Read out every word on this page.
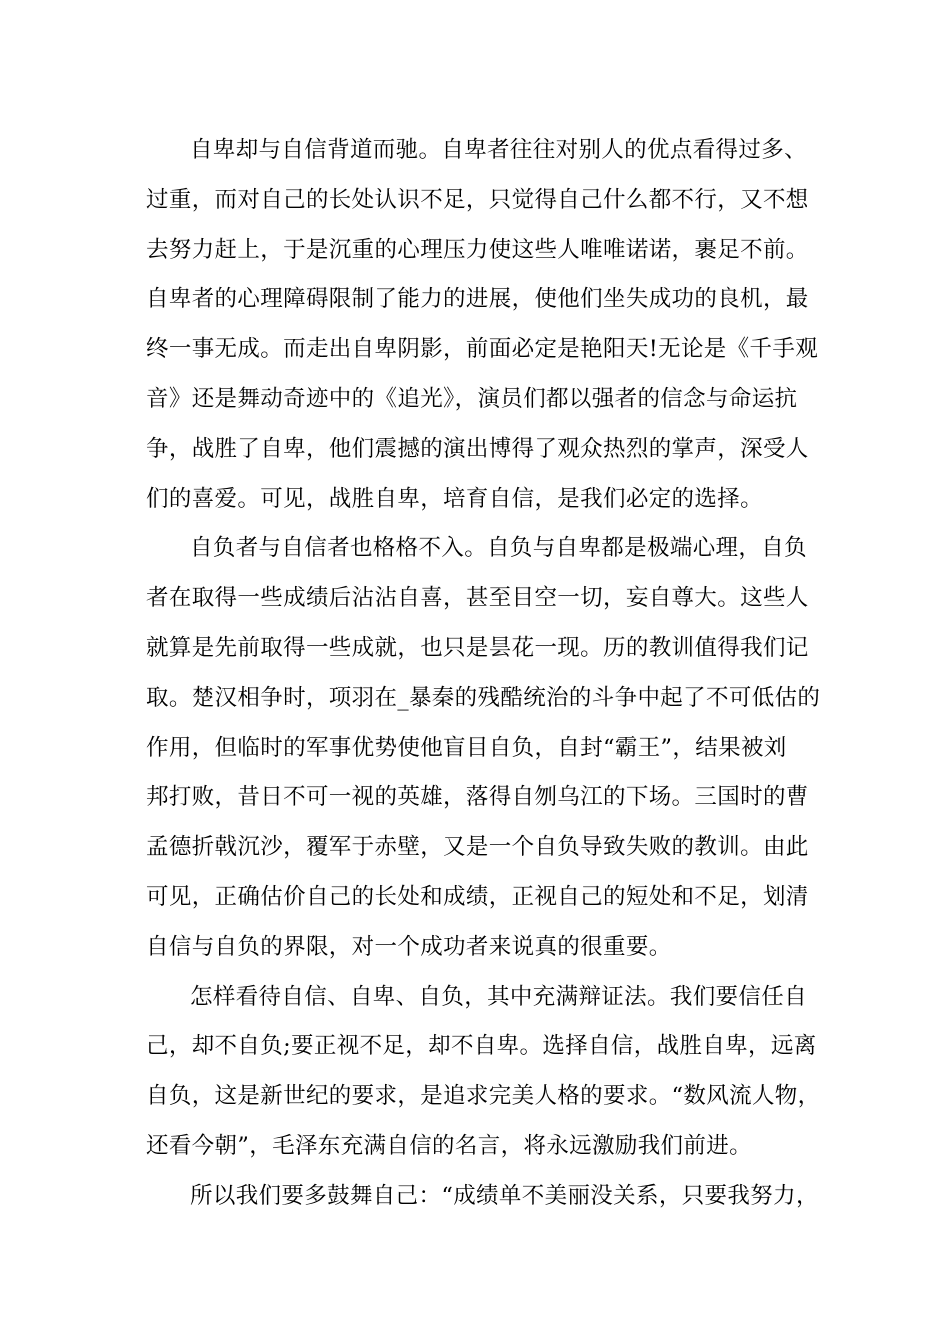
自卑却与自信背道而驰。自卑者往往对别人的优点看得过多、
过重，而对自己的长处认识不足，只觉得自己什么都不行，又不想
去努力赶上，于是沉重的心理压力使这些人唯唯诺诺，裹足不前。
自卑者的心理障碍限制了能力的进展，使他们坐失成功的良机，最
终一事无成。而走出自卑阴影，前面必定是艳阳天!无论是《千手观
音》还是舞动奇迹中的《追光》，演员们都以强者的信念与命运抗
争，战胜了自卑，他们震撼的演出博得了观众热烈的掌声，深受人
们的喜爱。可见，战胜自卑，培育自信，是我们必定的选择。
自负者与自信者也格格不入。自负与自卑都是极端心理，自负
者在取得一些成绩后沾沾自喜，甚至目空一切，妄自尊大。这些人
就算是先前取得一些成就，也只是昙花一现。历的教训值得我们记
取。楚汉相争时，项羽在_暴秦的残酷统治的斗争中起了不可低估的
作用，但临时的军事优势使他盲目自负，自封“霸王”，结果被刘
邦打败，昔日不可一视的英雄，落得自刎乌江的下场。三国时的曹
孟德折戟沉沙，覆军于赤壁，又是一个自负导致失败的教训。由此
可见，正确估价自己的长处和成绩，正视自己的短处和不足，划清
自信与自负的界限，对一个成功者来说真的很重要。
怎样看待自信、自卑、自负，其中充满辩证法。我们要信任自
己，却不自负;要正视不足，却不自卑。选择自信，战胜自卑，远离
自负，这是新世纪的要求，是追求完美人格的要求。“数风流人物，
还看今朝”，毛泽东充满自信的名言，将永远激励我们前进。
所以我们要多鼓舞自己：“成绩单不美丽没关系，只要我努力，
